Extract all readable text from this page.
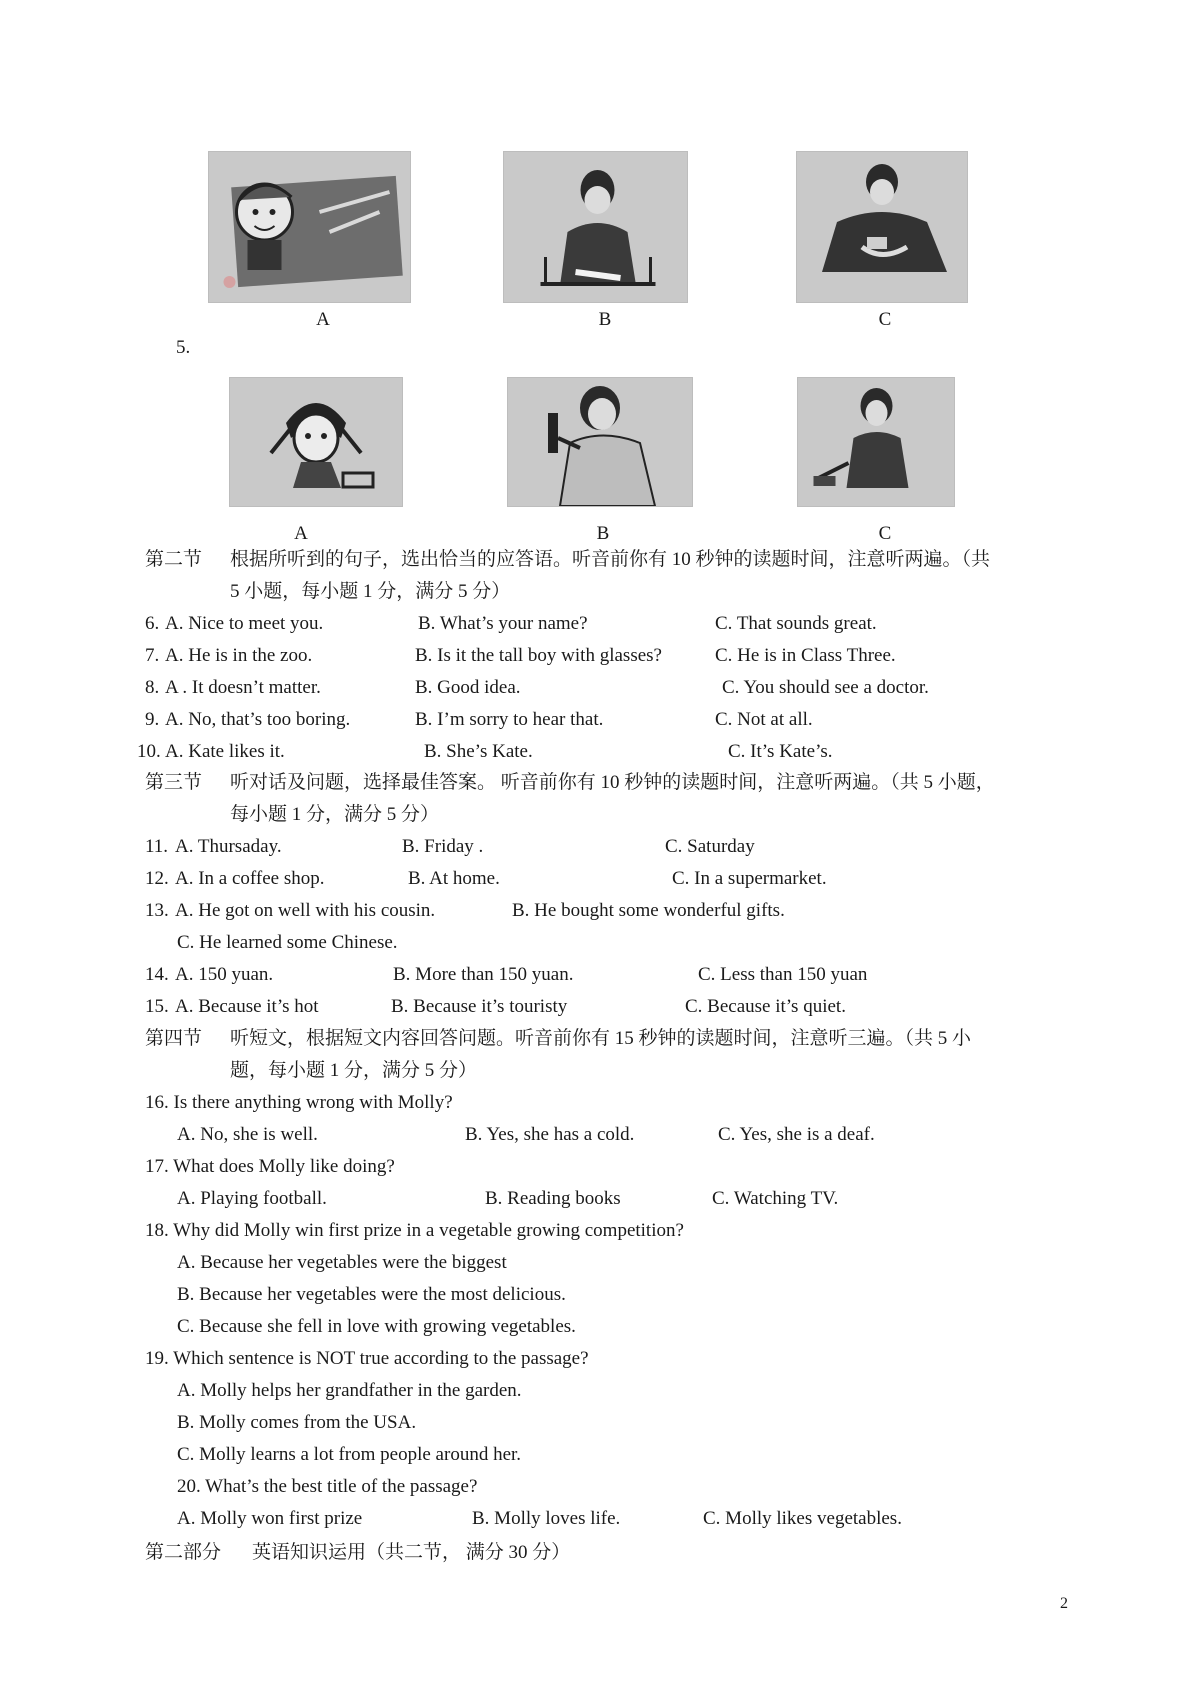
A	B	C
5.
A	B	C
第二节 根据所听到的句子，选出恰当的应答语。听音前你有 10 秒钟的读题时间，注意听两遍。（共
5 小题，每小题 1 分，满分 5 分）
6. A. Nice to meet you.	B. What’s your name?	C. That sounds great.
7. A. He is in the zoo.	B. Is it the tall boy with glasses?	C. He is in Class Three.
8. A . It doesn’t matter.	B. Good idea.	C. You should see a doctor.
9. A. No, that’s too boring.	B. I’m sorry to hear that.	C. Not at all.
10. A. Kate likes it.	B. She’s Kate.	C. It’s Kate’s.
第三节 听对话及问题，选择最佳答案。 听音前你有 10 秒钟的读题时间，注意听两遍。（共 5 小题，
每小题 1 分，满分 5 分）
11. A. Thursaday.	B. Friday .	C. Saturday
12. A. In a coffee shop.	B. At home.	C. In a supermarket.
13. A. He got on well with his cousin.	B. He bought some wonderful gifts.
C. He learned some Chinese.
14. A. 150 yuan.	B. More than 150 yuan.	C. Less than 150 yuan
15. A. Because it’s hot	B. Because it’s touristy	C. Because it’s quiet.
第四节 听短文，根据短文内容回答问题。听音前你有 15 秒钟的读题时间，注意听三遍。（共 5 小
题，每小题 1 分，满分 5 分）
16. Is there anything wrong with Molly?
A. No, she is well.	B. Yes, she has a cold.	C. Yes, she is a deaf.
17. What does Molly like doing?
A. Playing football.	B. Reading books	C. Watching TV.
18. Why did Molly win first prize in a vegetable growing competition?
A. Because her vegetables were the biggest
B. Because her vegetables were the most delicious.
C. Because she fell in love with growing vegetables.
19. Which sentence is NOT true according to the passage?
A. Molly helps her grandfather in the garden.
B. Molly comes from the USA.
C. Molly learns a lot from people around her.
20. What’s the best title of the passage?
A. Molly won first prize	B. Molly loves life.	C. Molly likes vegetables.
第二部分 英语知识运用（共二节， 满分 30 分）
2
